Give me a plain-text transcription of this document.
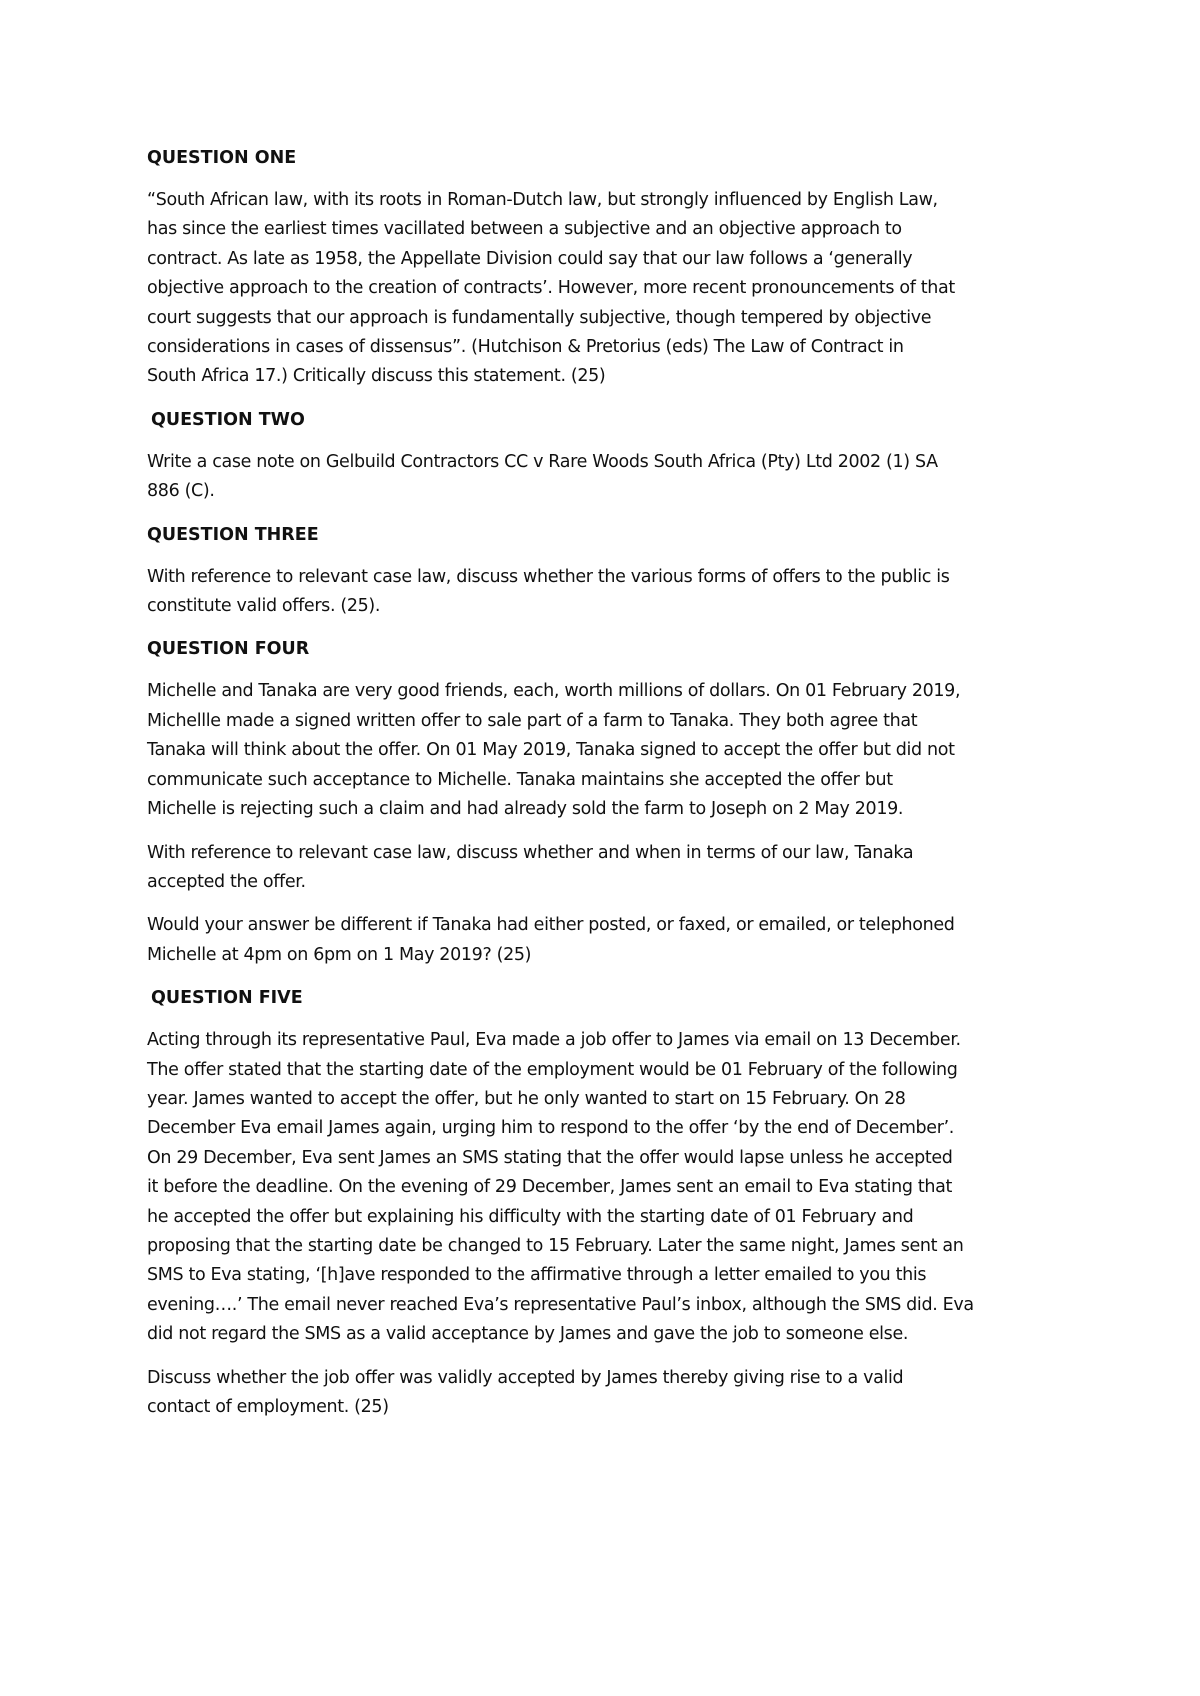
QUESTION ONE
“South African law, with its roots in Roman-Dutch law, but strongly influenced by English Law,
has since the earliest times vacillated between a subjective and an objective approach to
contract. As late as 1958, the Appellate Division could say that our law follows a ‘generally
objective approach to the creation of contracts’. However, more recent pronouncements of that
court suggests that our approach is fundamentally subjective, though tempered by objective
considerations in cases of dissensus”. (Hutchison & Pretorius (eds) The Law of Contract in
South Africa 17.) Critically discuss this statement. (25)
QUESTION TWO
Write a case note on Gelbuild Contractors CC v Rare Woods South Africa (Pty) Ltd 2002 (1) SA
886 (C).
QUESTION THREE
With reference to relevant case law, discuss whether the various forms of offers to the public is
constitute valid offers. (25).
QUESTION FOUR
Michelle and Tanaka are very good friends, each, worth millions of dollars. On 01 February 2019,
Michellle made a signed written offer to sale part of a farm to Tanaka. They both agree that
Tanaka will think about the offer. On 01 May 2019, Tanaka signed to accept the offer but did not
communicate such acceptance to Michelle. Tanaka maintains she accepted the offer but
Michelle is rejecting such a claim and had already sold the farm to Joseph on 2 May 2019.
With reference to relevant case law, discuss whether and when in terms of our law, Tanaka
accepted the offer.
Would your answer be different if Tanaka had either posted, or faxed, or emailed, or telephoned
Michelle at 4pm on 6pm on 1 May 2019? (25)
QUESTION FIVE
Acting through its representative Paul, Eva made a job offer to James via email on 13 December.
The offer stated that the starting date of the employment would be 01 February of the following
year. James wanted to accept the offer, but he only wanted to start on 15 February. On 28
December Eva email James again, urging him to respond to the offer ‘by the end of December’.
On 29 December, Eva sent James an SMS stating that the offer would lapse unless he accepted
it before the deadline. On the evening of 29 December, James sent an email to Eva stating that
he accepted the offer but explaining his difficulty with the starting date of 01 February and
proposing that the starting date be changed to 15 February. Later the same night, James sent an
SMS to Eva stating, ‘[h]ave responded to the affirmative through a letter emailed to you this
evening….’ The email never reached Eva’s representative Paul’s inbox, although the SMS did. Eva
did not regard the SMS as a valid acceptance by James and gave the job to someone else.
Discuss whether the job offer was validly accepted by James thereby giving rise to a valid
contact of employment. (25)
